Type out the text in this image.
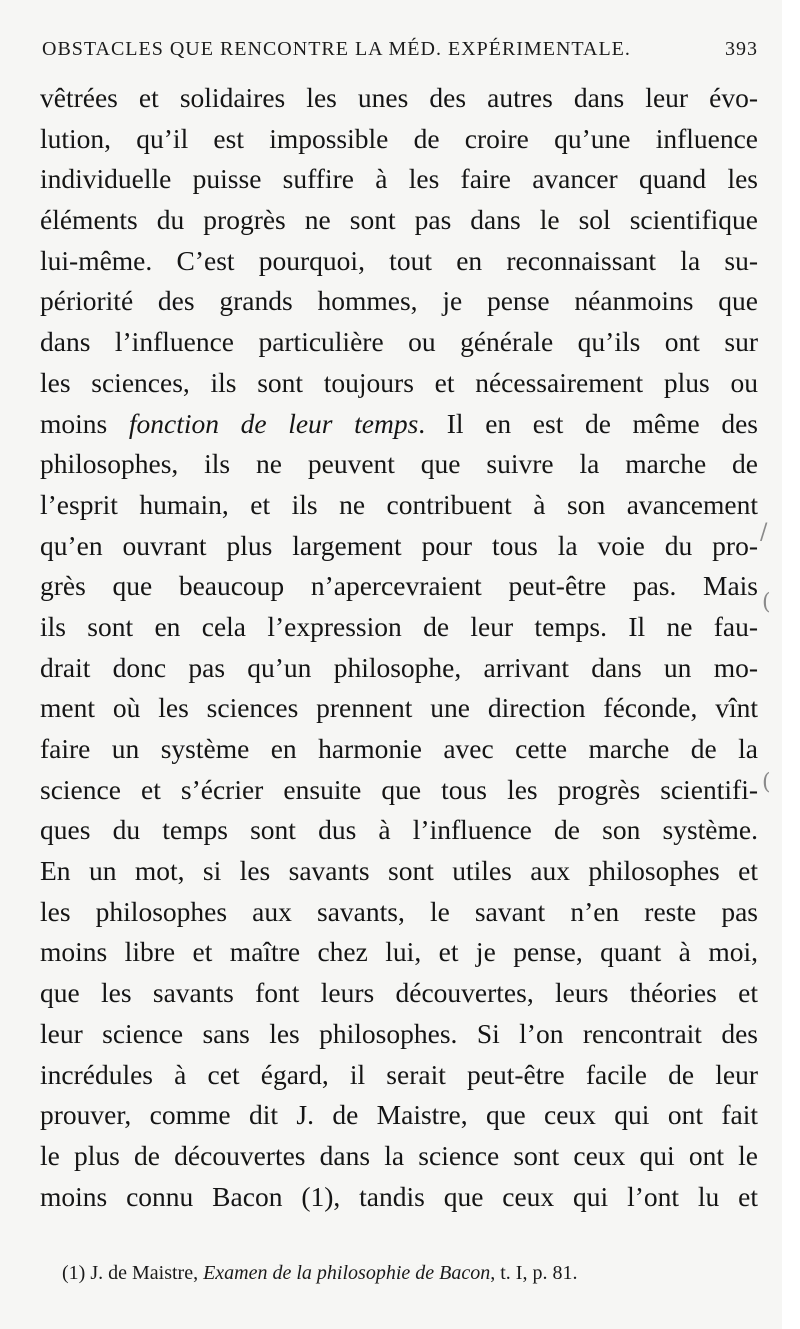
OBSTACLES QUE RENCONTRE LA MÉD. EXPÉRIMENTALE.	393
vêtrées et solidaires les unes des autres dans leur évo-
lution, qu’il est impossible de croire qu’une influence
individuelle puisse suffire à les faire avancer quand les
éléments du progrès ne sont pas dans le sol scientifique
lui-même. C’est pourquoi, tout en reconnaissant la su-
périorité des grands hommes, je pense néanmoins que
dans l’influence particulière ou générale qu’ils ont sur
les sciences, ils sont toujours et nécessairement plus ou
moins fonction de leur temps. Il en est de même des
philosophes, ils ne peuvent que suivre la marche de
l’esprit humain, et ils ne contribuent à son avancement
qu’en ouvrant plus largement pour tous la voie du pro-
grès que beaucoup n’apercevraient peut-être pas. Mais
ils sont en cela l’expression de leur temps. Il ne fau-
drait donc pas qu’un philosophe, arrivant dans un mo-
ment où les sciences prennent une direction féconde, vînt
faire un système en harmonie avec cette marche de la
science et s’écrier ensuite que tous les progrès scientifi-
ques du temps sont dus à l’influence de son système.
En un mot, si les savants sont utiles aux philosophes et
les philosophes aux savants, le savant n’en reste pas
moins libre et maître chez lui, et je pense, quant à moi,
que les savants font leurs découvertes, leurs théories et
leur science sans les philosophes. Si l’on rencontrait des
incrédules à cet égard, il serait peut-être facile de leur
prouver, comme dit J. de Maistre, que ceux qui ont fait
le plus de découvertes dans la science sont ceux qui ont le
moins connu Bacon (1), tandis que ceux qui l’ont lu et
(1) J. de Maistre, Examen de la philosophie de Bacon, t. I, p. 81.
/
(
(
